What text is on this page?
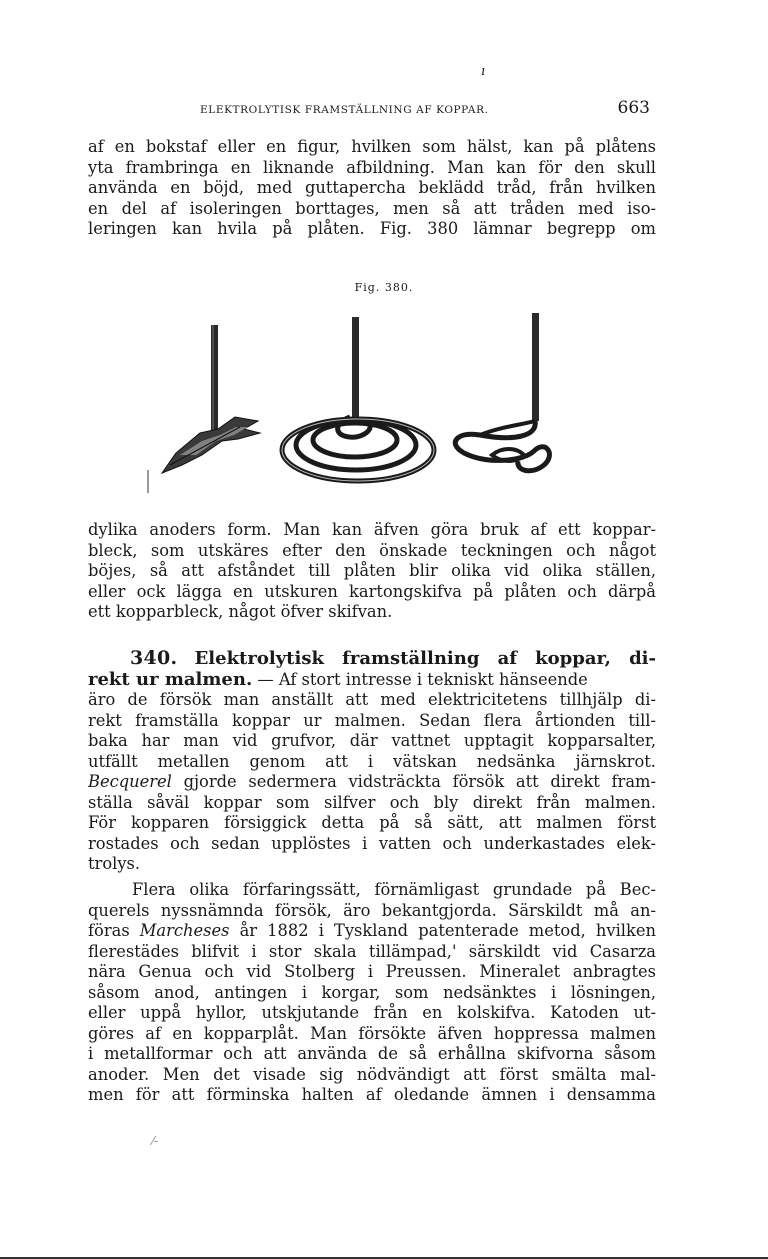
ı
ELEKTROLYTISK FRAMSTÄLLNING AF KOPPAR.	663
af en bokstaf eller en figur, hvilken som hälst, kan på plåtens
yta frambringa en liknande afbildning. Man kan för den skull
använda en böjd, med guttapercha beklädd tråd, från hvilken
en del af isoleringen borttages, men så att tråden med iso-
leringen kan hvila på plåten. Fig. 380 lämnar begrepp om
Fig. 380.
dylika anoders form. Man kan äfven göra bruk af ett koppar-
bleck, som utskäres efter den önskade teckningen och något
böjes, så att afståndet till plåten blir olika vid olika ställen,
eller ock lägga en utskuren kartongskifva på plåten och därpå
ett kopparbleck, något öfver skifvan.
340. Elektrolytisk framställning af koppar, di-
rekt ur malmen. — Af stort intresse i tekniskt hänseende
äro de försök man anställt att med elektricitetens tillhjälp di-
rekt framställa koppar ur malmen. Sedan flera årtionden till-
baka har man vid grufvor, där vattnet upptagit kopparsalter,
utfällt metallen genom att i vätskan nedsänka järnskrot.
Becquerel gjorde sedermera vidsträckta försök att direkt fram-
ställa såväl koppar som silfver och bly direkt från malmen.
För kopparen försiggick detta på så sätt, att malmen först
rostades och sedan upplöstes i vatten och underkastades elek-
trolys.
Flera olika förfaringssätt, förnämligast grundade på Bec-
querels nyssnämnda försök, äro bekantgjorda. Särskildt må an-
föras Marcheses år 1882 i Tyskland patenterade metod, hvilken
flerestädes blifvit i stor skala tillämpad,' särskildt vid Casarza
nära Genua och vid Stolberg i Preussen. Mineralet anbragtes
såsom anod, antingen i korgar, som nedsänktes i lösningen,
eller uppå hyllor, utskjutande från en kolskifva. Katoden ut-
göres af en kopparplåt. Man försökte äfven hoppressa malmen
i metallformar och att använda de så erhållna skifvorna såsom
anoder. Men det visade sig nödvändigt att först smälta mal-
men för att förminska halten af oledande ämnen i densamma
⁄‐
